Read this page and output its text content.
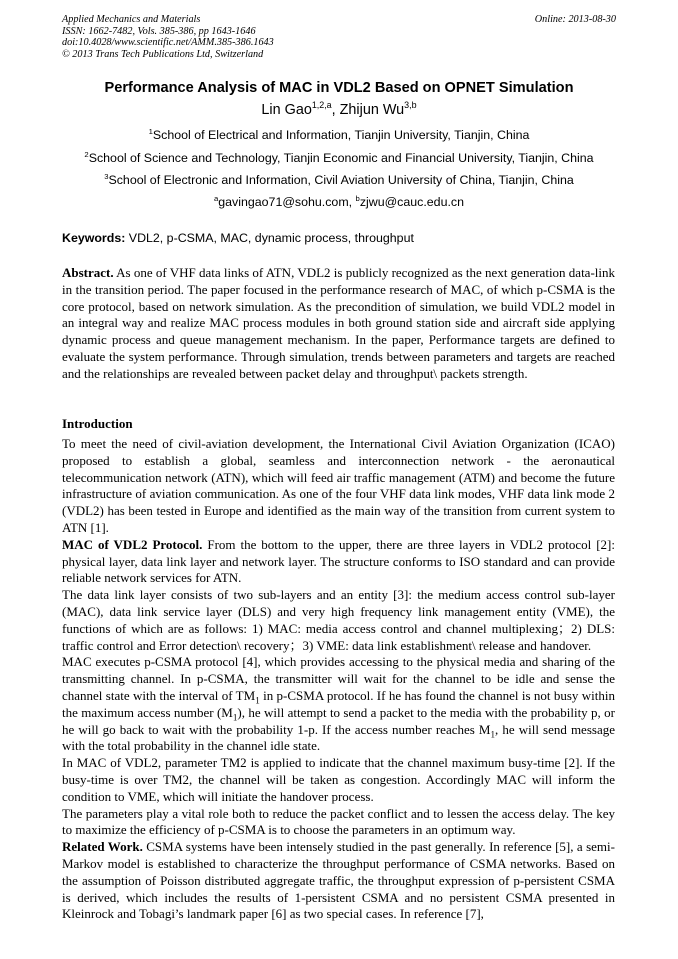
Applied Mechanics and Materials
ISSN: 1662-7482, Vols. 385-386, pp 1643-1646
doi:10.4028/www.scientific.net/AMM.385-386.1643
© 2013 Trans Tech Publications Ltd, Switzerland
Online: 2013-08-30
Performance Analysis of MAC in VDL2 Based on OPNET Simulation
Lin Gao$^{1,2,a}$, Zhijun Wu$^{3,b}$
$^1$School of Electrical and Information, Tianjin University, Tianjin, China
$^2$School of Science and Technology, Tianjin Economic and Financial University, Tianjin, China
$^3$School of Electronic and Information, Civil Aviation University of China, Tianjin, China
$^a$gavingao71@sohu.com, $^b$zjwu@cauc.edu.cn
Keywords: VDL2, p-CSMA, MAC, dynamic process, throughput

Abstract. As one of VHF data links of ATN, VDL2 is publicly recognized as the next generation data-link in the transition period. The paper focused in the performance research of MAC, of which p-CSMA is the core protocol, based on network simulation. As the precondition of simulation, we build VDL2 model in an integral way and realize MAC process modules in both ground station side and aircraft side applying dynamic process and queue management mechanism. In the paper, Performance targets are defined to evaluate the system performance. Through simulation, trends between parameters and targets are reached and the relationships are revealed between packet delay and throughput\ packets strength.

Introduction

To meet the need of civil-aviation development, the International Civil Aviation Organization (ICAO) proposed to establish a global, seamless and interconnection network - the aeronautical telecommunication network (ATN), which will feed air traffic management (ATM) and become the future infrastructure of aviation communication. As one of the four VHF data link modes, VHF data link mode 2 (VDL2) has been tested in Europe and identified as the main way of the transition from current system to ATN [1].

MAC of VDL2 Protocol. From the bottom to the upper, there are three layers in VDL2 protocol [2]: physical layer, data link layer and network layer. The structure conforms to ISO standard and can provide reliable network services for ATN.

The data link layer consists of two sub-layers and an entity [3]: the medium access control sub-layer (MAC), data link service layer (DLS) and very high frequency link management entity (VME), the functions of which are as follows: 1) MAC: media access control and channel multiplexing；2) DLS: traffic control and Error detection\ recovery；3) VME: data link establishment\ release and handover.

MAC executes p-CSMA protocol [4], which provides accessing to the physical media and sharing of the transmitting channel. In p-CSMA, the transmitter will wait for the channel to be idle and sense the channel state with the interval of $TM_1$ in p-CSMA protocol. If he has found the channel is not busy within the maximum access number $(M_1)$, he will attempt to send a packet to the media with the probability p, or he will go back to wait with the probability 1-p. If the access number reaches $M_1$, he will send message with the total probability in the channel idle state.

In MAC of VDL2, parameter TM2 is applied to indicate that the channel maximum busy-time [2]. If the busy-time is over TM2, the channel will be taken as congestion. Accordingly MAC will inform the condition to VME, which will initiate the handover process.

The parameters play a vital role both to reduce the packet conflict and to lessen the access delay. The key to maximize the efficiency of p-CSMA is to choose the parameters in an optimum way.

Related Work. CSMA systems have been intensely studied in the past generally. In reference [5], a semi-Markov model is established to characterize the throughput performance of CSMA networks. Based on the assumption of Poisson distributed aggregate traffic, the throughput expression of p-persistent CSMA is derived, which includes the results of 1-persistent CSMA and no persistent CSMA presented in Kleinrock and Tobagi’s landmark paper [6] as two special cases. In reference [7],
